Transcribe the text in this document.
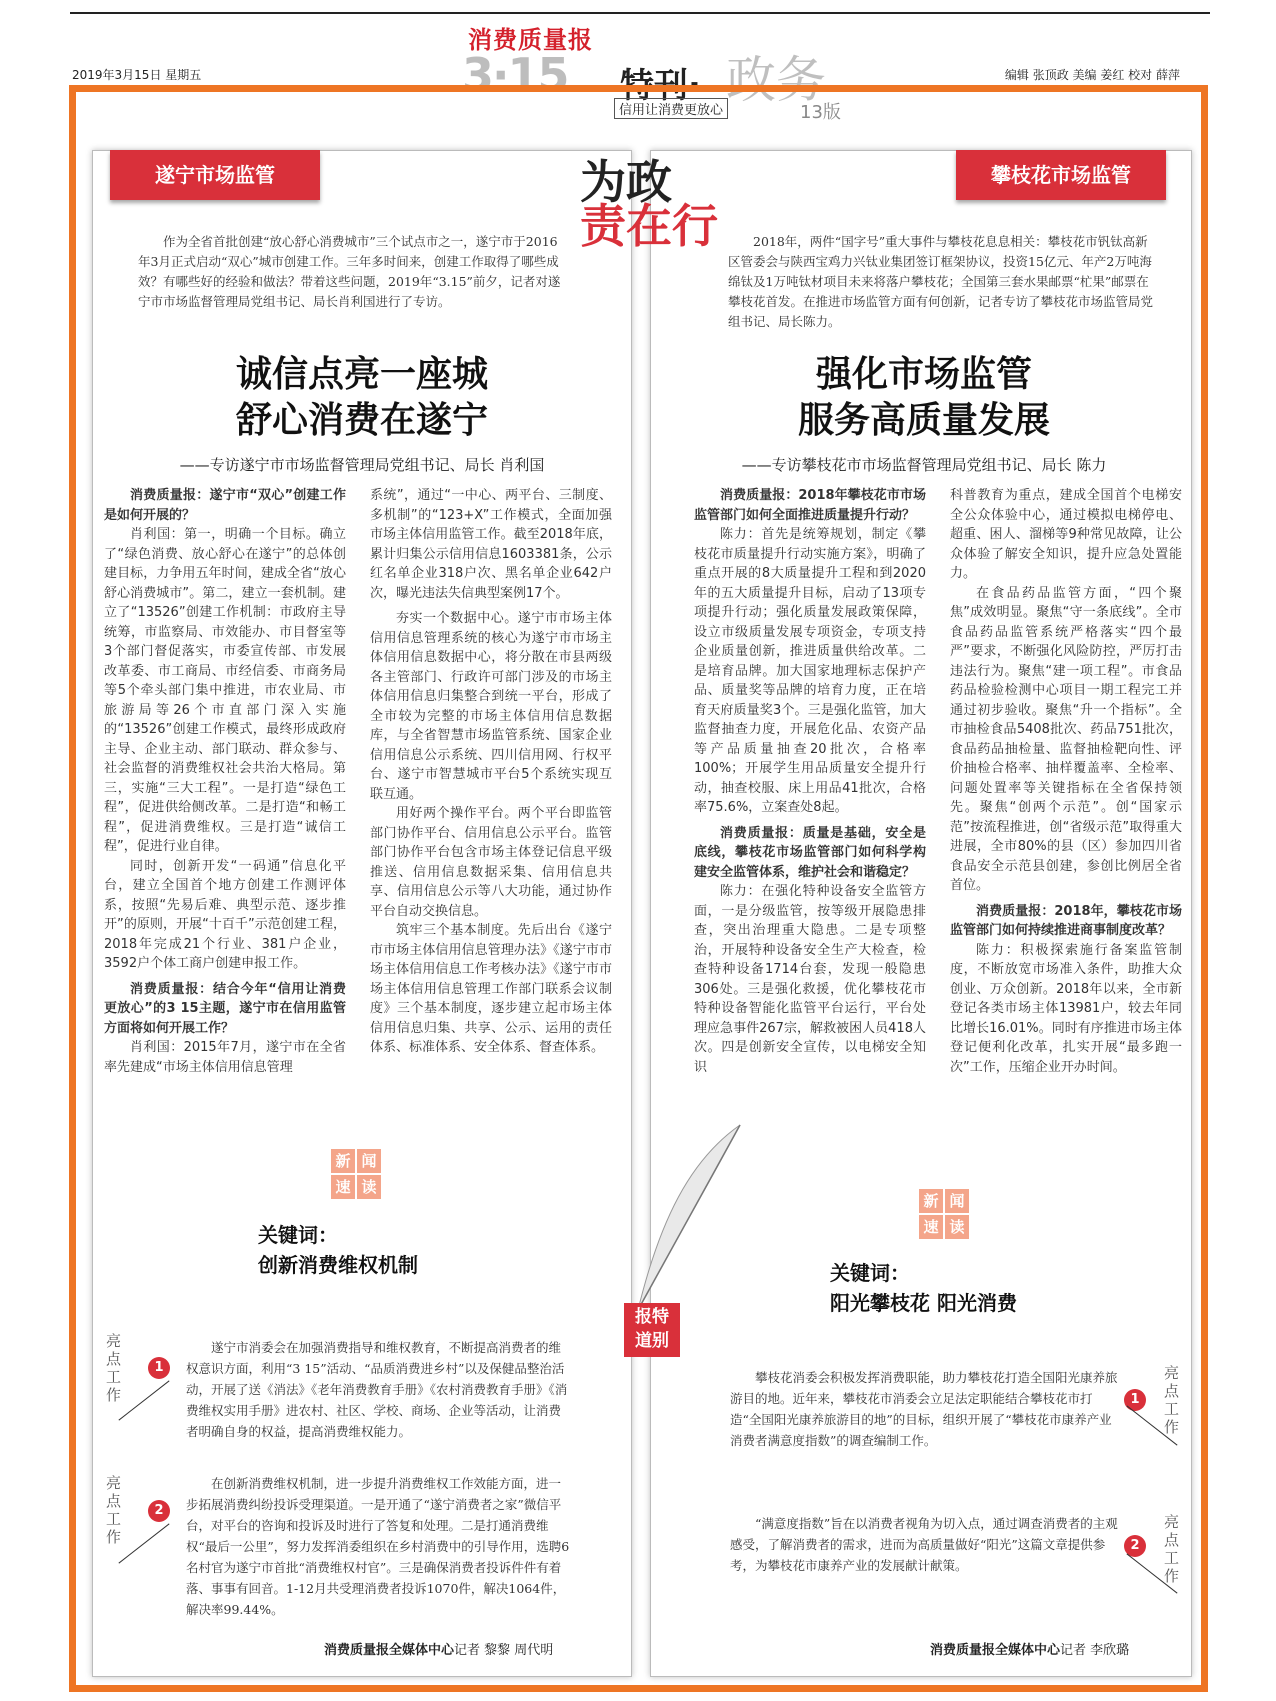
2019年3月15日 星期五	编辑 张顶政 美编 姜红 校对 薛萍
消费质量报
3·15 特刊· 政务
信用让消费更放心	13版
遂宁市场监管	攀枝花市场监管
为政
责在行
作为全省首批创建“放心舒心消费城市”三个试点市之一，遂宁市于2016年3月正式启动“双心”城市创建工作。三年多时间来，创建工作取得了哪些成效？有哪些好的经验和做法？带着这些问题，2019年“3.15”前夕，记者对遂宁市市场监督管理局党组书记、局长肖利国进行了专访。
诚信点亮一座城
舒心消费在遂宁
——专访遂宁市市场监督管理局党组书记、局长 肖利国

消费质量报：遂宁市“双心”创建工作是如何开展的？

肖利国：第一，明确一个目标。确立了“绿色消费、放心舒心在遂宁”的总体创建目标，力争用五年时间，建成全省“放心舒心消费城市”。第二，建立一套机制。建立了“13526”创建工作机制：市政府主导统筹，市监察局、市效能办、市目督室等3个部门督促落实，市委宣传部、市发展改革委、市工商局、市经信委、市商务局等5个牵头部门集中推进，市农业局、市旅游局等26个市直部门深入实施的“13526”创建工作模式，最终形成政府主导、企业主动、部门联动、群众参与、社会监督的消费维权社会共治大格局。第三，实施“三大工程”。一是打造“绿色工程”，促进供给侧改革。二是打造“和畅工程”，促进消费维权。三是打造“诚信工程”，促进行业自律。

同时，创新开发“一码通”信息化平台，建立全国首个地方创建工作测评体系，按照“先易后难、典型示范、逐步推开”的原则，开展“十百千”示范创建工程，2018年完成21个行业、381户企业，3592户个体工商户创建申报工作。

消费质量报：结合今年“信用让消费更放心”的3 15主题，遂宁市在信用监管方面将如何开展工作？

肖利国：2015年7月，遂宁市在全省率先建成“市场主体信用信息管理

系统”，通过“一中心、两平台、三制度、多机制”的“123+X”工作模式，全面加强市场主体信用监管工作。截至2018年底，累计归集公示信用信息1603381条，公示红名单企业318户次、黑名单企业642户次，曝光违法失信典型案例17个。

夯实一个数据中心。遂宁市市场主体信用信息管理系统的核心为遂宁市市场主体信用信息数据中心，将分散在市县两级各主管部门、行政许可部门涉及的市场主体信用信息归集整合到统一平台，形成了全市较为完整的市场主体信用信息数据库，与全省智慧市场监管系统、国家企业信用信息公示系统、四川信用网、行权平台、遂宁市智慧城市平台5个系统实现互联互通。

用好两个操作平台。两个平台即监管部门协作平台、信用信息公示平台。监管部门协作平台包含市场主体登记信息平级推送、信用信息数据采集、信用信息共享、信用信息公示等八大功能，通过协作平台自动交换信息。

筑牢三个基本制度。先后出台《遂宁市市场主体信用信息管理办法》《遂宁市市场主体信用信息工作考核办法》《遂宁市市场主体信用信息管理工作部门联系会议制度》三个基本制度，逐步建立起市场主体信用信息归集、共享、公示、运用的责任体系、标准体系、安全体系、督查体系。

新 闻速 读
关键词：
创新消费维权机制
亮点工作
1
遂宁市消委会在加强消费指导和维权教育，不断提高消费者的维权意识方面，利用“3 15”活动、“品质消费进乡村”以及保健品整治活动，开展了送《消法》《老年消费教育手册》《农村消费教育手册》《消费维权实用手册》进农村、社区、学校、商场、企业等活动，让消费者明确自身的权益，提高消费维权能力。
亮点工作
2
在创新消费维权机制，进一步提升消费维权工作效能方面，进一步拓展消费纠纷投诉受理渠道。一是开通了“遂宁消费者之家”微信平台，对平台的咨询和投诉及时进行了答复和处理。二是打通消费维权“最后一公里”，努力发挥消委组织在乡村消费中的引导作用，选聘6名村官为遂宁市首批“消费维权村官”。三是确保消费者投诉件件有着落、事事有回音。1-12月共受理消费者投诉1070件，解决1064件，解决率99.44%。
消费质量报全媒体中心记者 黎黎 周代明
2018年，两件“国字号”重大事件与攀枝花息息相关：攀枝花市钒钛高新区管委会与陕西宝鸡力兴钛业集团签订框架协议，投资15亿元、年产2万吨海绵钛及1万吨钛材项目未来将落户攀枝花；全国第三套水果邮票“杧果”邮票在攀枝花首发。在推进市场监管方面有何创新，记者专访了攀枝花市场监管局党组书记、局长陈力。
强化市场监管
服务高质量发展
——专访攀枝花市市场监督管理局党组书记、局长 陈力

消费质量报：2018年攀枝花市市场监管部门如何全面推进质量提升行动？

陈力：首先是统筹规划，制定《攀枝花市质量提升行动实施方案》，明确了重点开展的8大质量提升工程和到2020年的五大质量提升目标，启动了13项专项提升行动；强化质量发展政策保障，设立市级质量发展专项资金，专项支持企业质量创新，推进质量供给改革。二是培育品牌。加大国家地理标志保护产品、质量奖等品牌的培育力度，正在培育天府质量奖3个。三是强化监管，加大监督抽查力度，开展危化品、农资产品等产品质量抽查20批次，合格率100%；开展学生用品质量安全提升行动，抽查校服、床上用品41批次，合格率75.6%，立案查处8起。

消费质量报：质量是基础，安全是底线，攀枝花市场监管部门如何科学构建安全监管体系，维护社会和谐稳定？

陈力：在强化特种设备安全监管方面，一是分级监管，按等级开展隐患排查，突出治理重大隐患。二是专项整治，开展特种设备安全生产大检查，检查特种设备1714台套，发现一般隐患306处。三是强化救援，优化攀枝花市特种设备智能化监管平台运行，平台处理应急事件267宗，解救被困人员418人次。四是创新安全宣传，以电梯安全知识

科普教育为重点，建成全国首个电梯安全公众体验中心，通过模拟电梯停电、超重、困人、溜梯等9种常见故障，让公众体验了解安全知识，提升应急处置能力。

在食品药品监管方面，“四个聚焦”成效明显。聚焦“守一条底线”。全市食品药品监管系统严格落实“四个最严”要求，不断强化风险防控，严厉打击违法行为。聚焦“建一项工程”。市食品药品检验检测中心项目一期工程完工并通过初步验收。聚焦“升一个指标”。全市抽检食品5408批次、药品751批次，食品药品抽检量、监督抽检靶向性、评价抽检合格率、抽样覆盖率、全检率、问题处置率等关键指标在全省保持领先。聚焦“创两个示范”。创“国家示范”按流程推进，创“省级示范”取得重大进展，全市80%的县（区）参加四川省食品安全示范县创建，参创比例居全省首位。

消费质量报：2018年，攀枝花市场监管部门如何持续推进商事制度改革？

陈力：积极探索施行备案监管制度，不断放宽市场准入条件，助推大众创业、万众创新。2018年以来，全市新登记各类市场主体13981户，较去年同比增长16.01%。同时有序推进市场主体登记便利化改革，扎实开展“最多跑一次”工作，压缩企业开办时间。

新 闻速 读
关键词：
阳光攀枝花 阳光消费
攀枝花消委会积极发挥消费职能，助力攀枝花打造全国阳光康养旅游目的地。近年来，攀枝花市消委会立足法定职能结合攀枝花市打造“全国阳光康养旅游目的地”的目标，组织开展了“攀枝花市康养产业消费者满意度指数”的调查编制工作。
1
亮点工作
“满意度指数”旨在以消费者视角为切入点，通过调查消费者的主观感受，了解消费者的需求，进而为高质量做好“阳光”这篇文章提供参考，为攀枝花市康养产业的发展献计献策。
2
亮点工作
消费质量报全媒体中心记者 李欣璐
报特
道别
